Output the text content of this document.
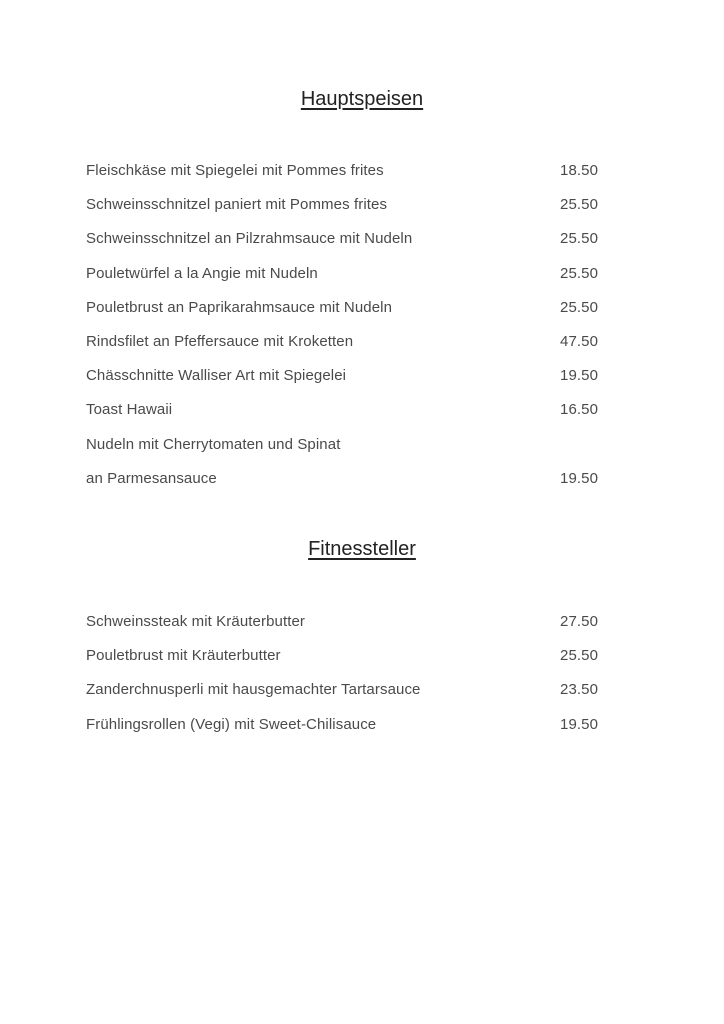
Hauptspeisen
Fleischkäse mit Spiegelei mit Pommes frites	18.50
Schweinsschnitzel paniert mit Pommes frites	25.50
Schweinsschnitzel an Pilzrahmsauce mit Nudeln	25.50
Pouletwürfel a la Angie mit Nudeln	25.50
Pouletbrust an Paprikarahmsauce mit Nudeln	25.50
Rindsfilet an Pfeffersauce mit Kroketten	47.50
Chässchnitte Walliser Art mit Spiegelei	19.50
Toast Hawaii	16.50
Nudeln mit Cherrytomaten und Spinat
an Parmesansauce	19.50
Fitnessteller
Schweinssteak mit Kräuterbutter	27.50
Pouletbrust mit Kräuterbutter	25.50
Zanderchnusperli mit hausgemachter Tartarsauce	23.50
Frühlingsrollen (Vegi) mit Sweet-Chilisauce	19.50
